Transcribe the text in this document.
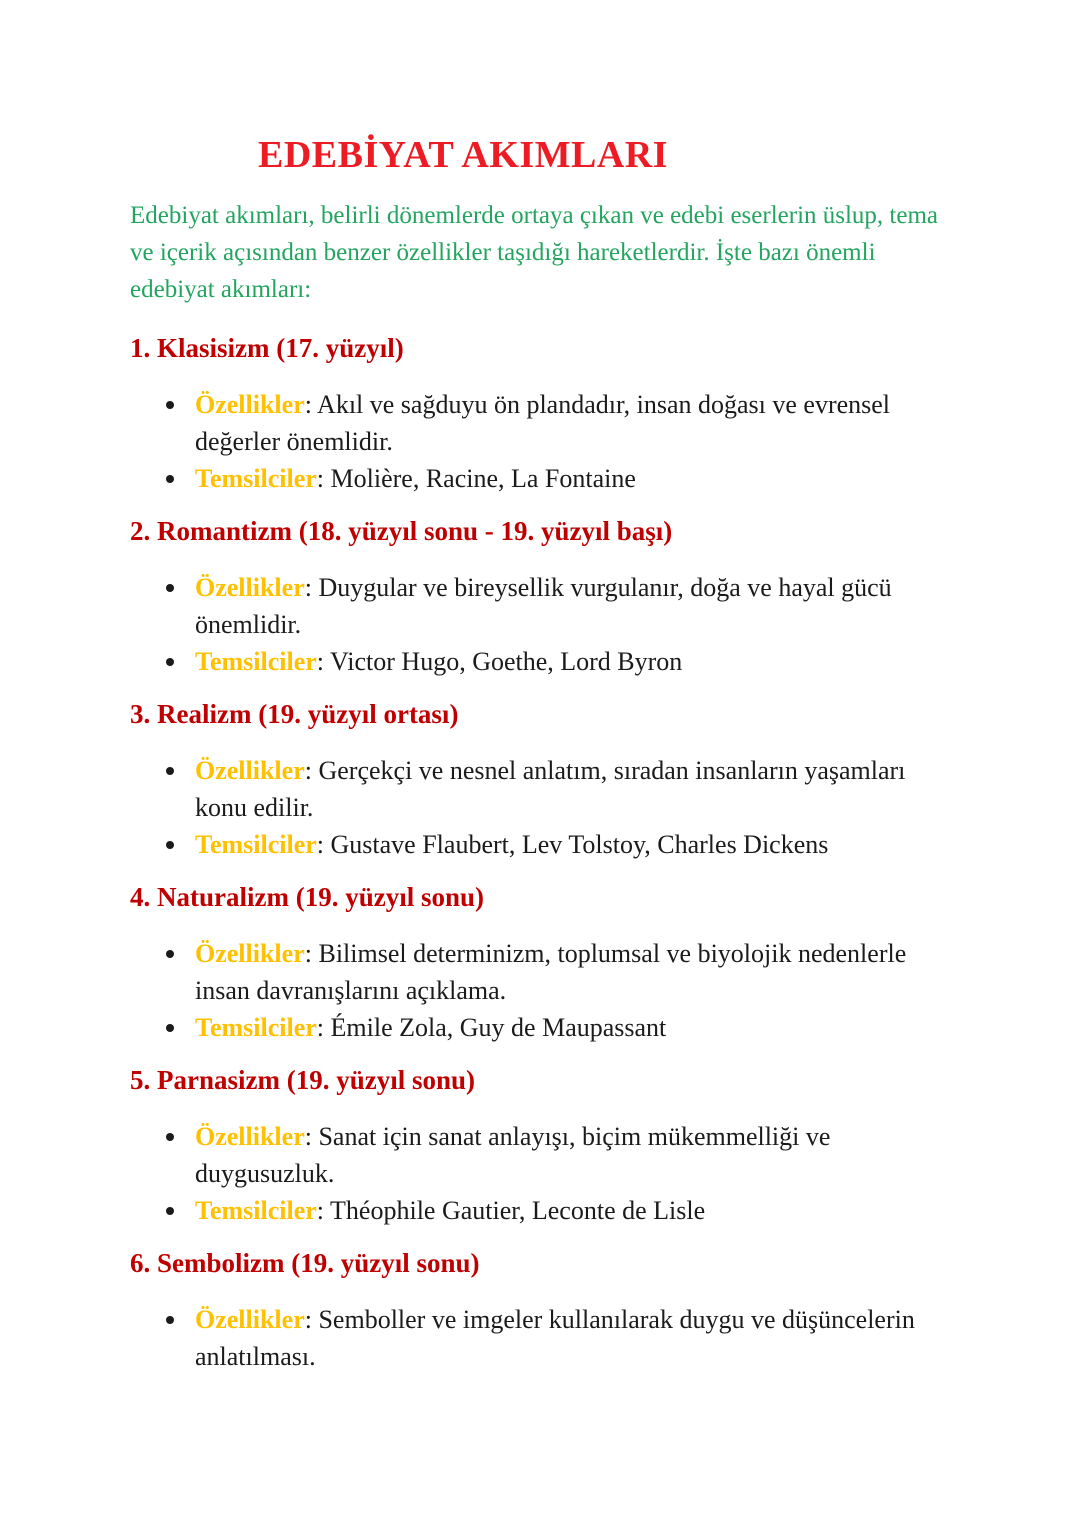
EDEBİYAT AKIMLARI

Edebiyat akımları, belirli dönemlerde ortaya çıkan ve edebi eserlerin üslup, tema ve içerik açısından benzer özellikler taşıdığı hareketlerdir. İşte bazı önemli edebiyat akımları:

1. Klasisizm (17. yüzyıl)
Özellikler: Akıl ve sağduyu ön plandadır, insan doğası ve evrensel değerler önemlidir.
Temsilciler: Molière, Racine, La Fontaine
2. Romantizm (18. yüzyıl sonu - 19. yüzyıl başı)
Özellikler: Duygular ve bireysellik vurgulanır, doğa ve hayal gücü önemlidir.
Temsilciler: Victor Hugo, Goethe, Lord Byron
3. Realizm (19. yüzyıl ortası)
Özellikler: Gerçekçi ve nesnel anlatım, sıradan insanların yaşamları konu edilir.
Temsilciler: Gustave Flaubert, Lev Tolstoy, Charles Dickens
4. Naturalizm (19. yüzyıl sonu)
Özellikler: Bilimsel determinizm, toplumsal ve biyolojik nedenlerle insan davranışlarını açıklama.
Temsilciler: Émile Zola, Guy de Maupassant
5. Parnasizm (19. yüzyıl sonu)
Özellikler: Sanat için sanat anlayışı, biçim mükemmelliği ve duygusuzluk.
Temsilciler: Théophile Gautier, Leconte de Lisle
6. Sembolizm (19. yüzyıl sonu)
Özellikler: Semboller ve imgeler kullanılarak duygu ve düşüncelerin anlatılması.
